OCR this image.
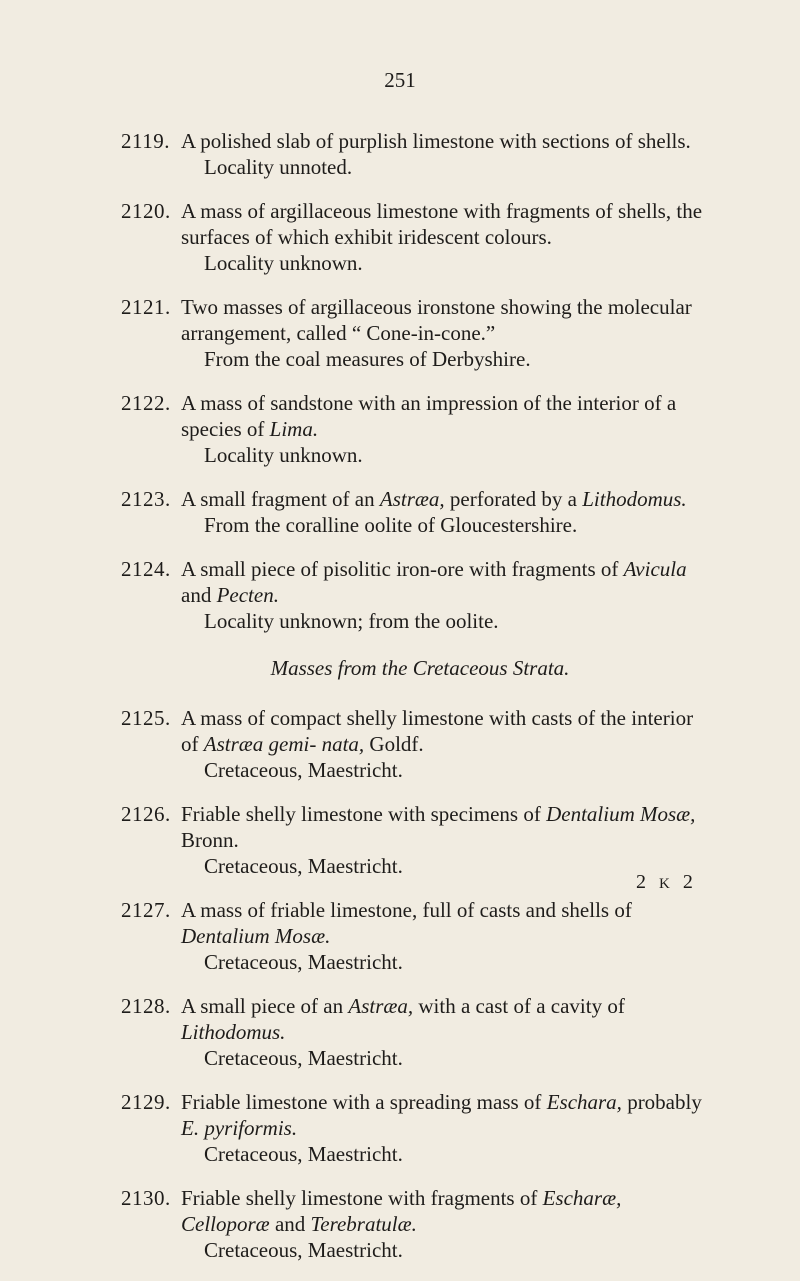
251
2119. A polished slab of purplish limestone with sections of shells.
Locality unnoted.
2120. A mass of argillaceous limestone with fragments of shells, the surfaces of which exhibit iridescent colours.
Locality unknown.
2121. Two masses of argillaceous ironstone showing the molecular arrangement, called “ Cone-in-cone.”
From the coal measures of Derbyshire.
2122. A mass of sandstone with an impression of the interior of a species of Lima.
Locality unknown.
2123. A small fragment of an Astræa, perforated by a Lithodomus.
From the coralline oolite of Gloucestershire.
2124. A small piece of pisolitic iron-ore with fragments of Avicula and Pecten.
Locality unknown; from the oolite.
Masses from the Cretaceous Strata.
2125. A mass of compact shelly limestone with casts of the interior of Astræa gemi- nata, Goldf.
Cretaceous, Maestricht.
2126. Friable shelly limestone with specimens of Dentalium Mosæ, Bronn.
Cretaceous, Maestricht.
2127. A mass of friable limestone, full of casts and shells of Dentalium Mosæ.
Cretaceous, Maestricht.
2128. A small piece of an Astræa, with a cast of a cavity of Lithodomus.
Cretaceous, Maestricht.
2129. Friable limestone with a spreading mass of Eschara, probably E. pyriformis.
Cretaceous, Maestricht.
2130. Friable shelly limestone with fragments of Escharæ, Celloporæ and Terebratulæ.
Cretaceous, Maestricht.
2 K 2
